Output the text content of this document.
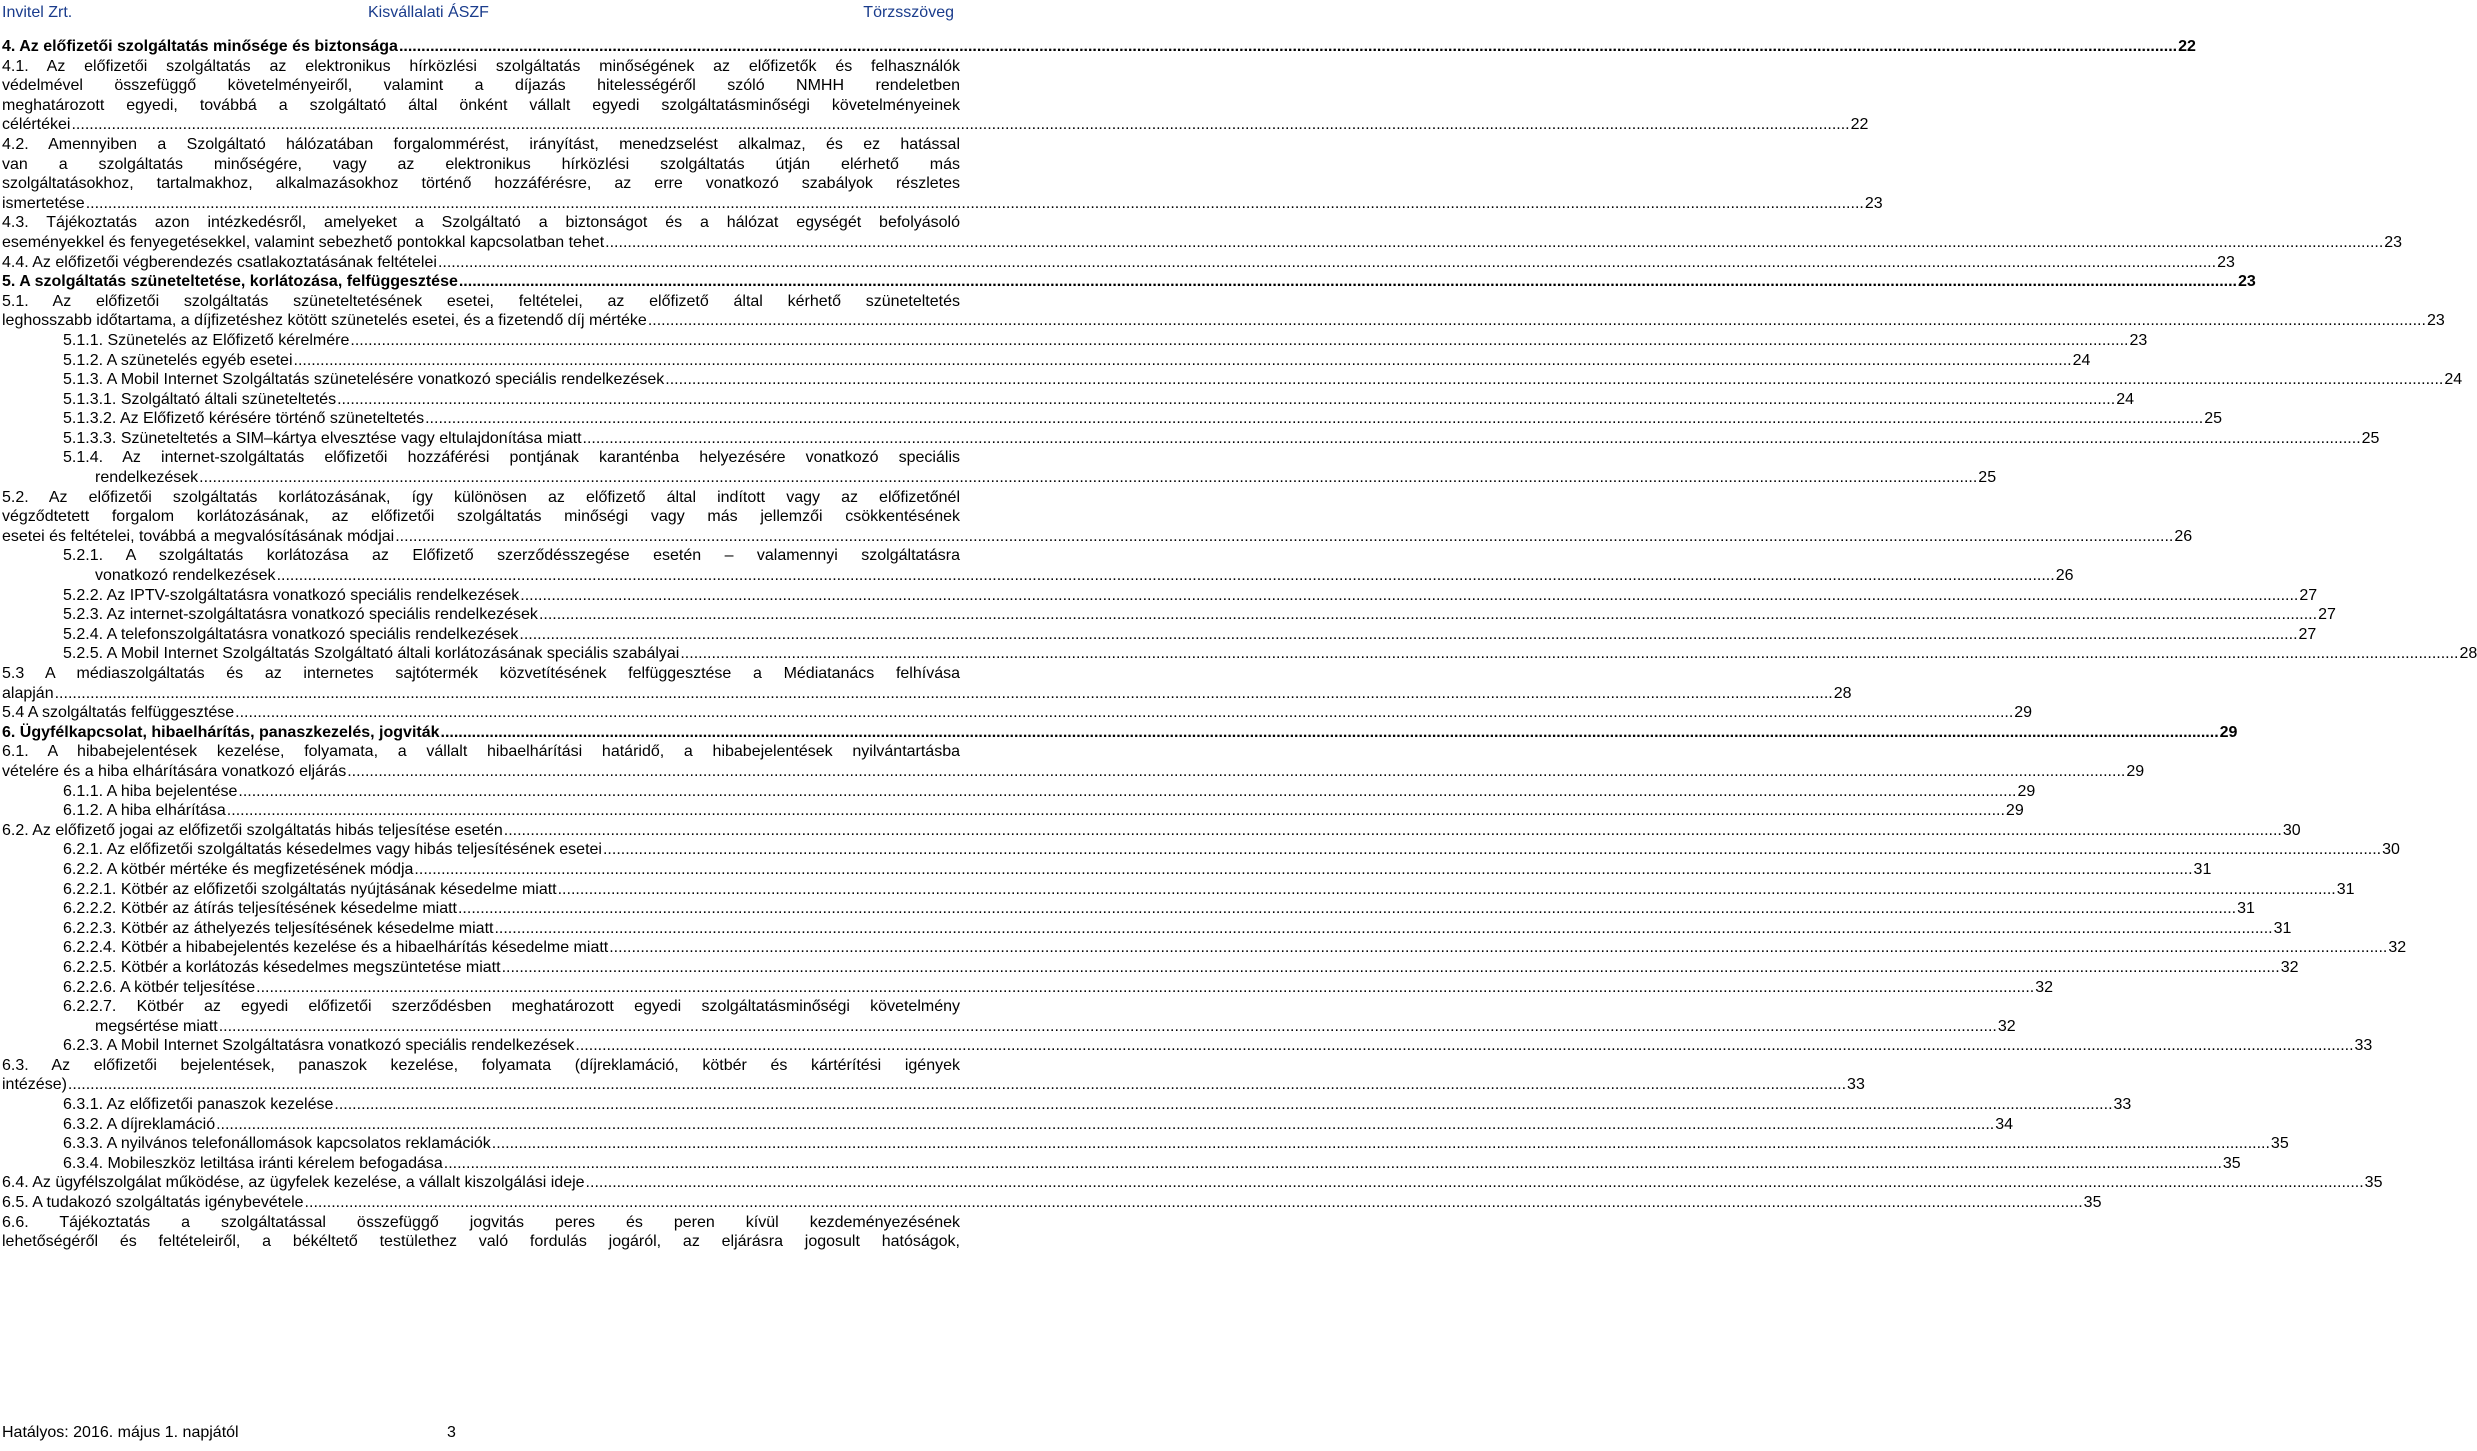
Invitel Zrt.	Kisvállalati ÁSZF	Törzsszöveg
4. Az előfizetői szolgáltatás minősége és biztonsága ................................................................................................................................................................................................................................................................................................................................................................................................................ 22
4.1. Az előfizetői szolgáltatás az elektronikus hírközlési szolgáltatás minőségének az előfizetők és felhasználók
védelmével összefüggő követelményeiről, valamint a díjazás hitelességéről szóló NMHH rendeletben
meghatározott egyedi, továbbá a szolgáltató által önként vállalt egyedi szolgáltatásminőségi követelményeinek
célértékei ................................................................................................................................................................................................................................................................................................................................................................................................................ 22
4.2. Amennyiben a Szolgáltató hálózatában forgalommérést, irányítást, menedzselést alkalmaz, és ez hatással
van a szolgáltatás minőségére, vagy az elektronikus hírközlési szolgáltatás útján elérhető más
szolgáltatásokhoz, tartalmakhoz, alkalmazásokhoz történő hozzáférésre, az erre vonatkozó szabályok részletes
ismertetése ................................................................................................................................................................................................................................................................................................................................................................................................................ 23
4.3. Tájékoztatás azon intézkedésről, amelyeket a Szolgáltató a biztonságot és a hálózat egységét befolyásoló
eseményekkel és fenyegetésekkel, valamint sebezhető pontokkal kapcsolatban tehet ................................................................................................................................................................................................................................................................................................................................................................................................................ 23
4.4. Az előfizetői végberendezés csatlakoztatásának feltételei ................................................................................................................................................................................................................................................................................................................................................................................................................ 23
5. A szolgáltatás szüneteltetése, korlátozása, felfüggesztése ................................................................................................................................................................................................................................................................................................................................................................................................................ 23
5.1. Az előfizetői szolgáltatás szüneteltetésének esetei, feltételei, az előfizető által kérhető szüneteltetés
leghosszabb időtartama, a díjfizetéshez kötött szünetelés esetei, és a fizetendő díj mértéke ................................................................................................................................................................................................................................................................................................................................................................................................................ 23
5.1.1. Szünetelés az Előfizető kérelmére ................................................................................................................................................................................................................................................................................................................................................................................................................ 23
5.1.2. A szünetelés egyéb esetei ................................................................................................................................................................................................................................................................................................................................................................................................................ 24
5.1.3. A Mobil Internet Szolgáltatás szünetelésére vonatkozó speciális rendelkezések ................................................................................................................................................................................................................................................................................................................................................................................................................ 24
5.1.3.1. Szolgáltató általi szüneteltetés ................................................................................................................................................................................................................................................................................................................................................................................................................ 24
5.1.3.2. Az Előfizető kérésére történő szüneteltetés ................................................................................................................................................................................................................................................................................................................................................................................................................ 25
5.1.3.3. Szüneteltetés a SIM–kártya elvesztése vagy eltulajdonítása miatt ................................................................................................................................................................................................................................................................................................................................................................................................................ 25
5.1.4. Az internet-szolgáltatás előfizetői hozzáférési pontjának karanténba helyezésére vonatkozó speciális
rendelkezések ................................................................................................................................................................................................................................................................................................................................................................................................................ 25
5.2. Az előfizetői szolgáltatás korlátozásának, így különösen az előfizető által indított vagy az előfizetőnél
végződtetett forgalom korlátozásának, az előfizetői szolgáltatás minőségi vagy más jellemzői csökkentésének
esetei és feltételei, továbbá a megvalósításának módjai ................................................................................................................................................................................................................................................................................................................................................................................................................ 26
5.2.1. A szolgáltatás korlátozása az Előfizető szerződésszegése esetén – valamennyi szolgáltatásra
vonatkozó rendelkezések ................................................................................................................................................................................................................................................................................................................................................................................................................ 26
5.2.2. Az IPTV-szolgáltatásra vonatkozó speciális rendelkezések ................................................................................................................................................................................................................................................................................................................................................................................................................ 27
5.2.3. Az internet-szolgáltatásra vonatkozó speciális rendelkezések ................................................................................................................................................................................................................................................................................................................................................................................................................ 27
5.2.4. A telefonszolgáltatásra vonatkozó speciális rendelkezések ................................................................................................................................................................................................................................................................................................................................................................................................................ 27
5.2.5. A Mobil Internet Szolgáltatás Szolgáltató általi korlátozásának speciális szabályai ................................................................................................................................................................................................................................................................................................................................................................................................................ 28
5.3 A médiaszolgáltatás és az internetes sajtótermék közvetítésének felfüggesztése a Médiatanács felhívása
alapján ................................................................................................................................................................................................................................................................................................................................................................................................................ 28
5.4 A szolgáltatás felfüggesztése ................................................................................................................................................................................................................................................................................................................................................................................................................ 29
6. Ügyfélkapcsolat, hibaelhárítás, panaszkezelés, jogviták ................................................................................................................................................................................................................................................................................................................................................................................................................ 29
6.1. A hibabejelentések kezelése, folyamata, a vállalt hibaelhárítási határidő, a hibabejelentések nyilvántartásba
vételére és a hiba elhárítására vonatkozó eljárás ................................................................................................................................................................................................................................................................................................................................................................................................................ 29
6.1.1. A hiba bejelentése ................................................................................................................................................................................................................................................................................................................................................................................................................ 29
6.1.2. A hiba elhárítása ................................................................................................................................................................................................................................................................................................................................................................................................................ 29
6.2. Az előfizető jogai az előfizetői szolgáltatás hibás teljesítése esetén ................................................................................................................................................................................................................................................................................................................................................................................................................ 30
6.2.1. Az előfizetői szolgáltatás késedelmes vagy hibás teljesítésének esetei ................................................................................................................................................................................................................................................................................................................................................................................................................ 30
6.2.2. A kötbér mértéke és megfizetésének módja ................................................................................................................................................................................................................................................................................................................................................................................................................ 31
6.2.2.1. Kötbér az előfizetői szolgáltatás nyújtásának késedelme miatt ................................................................................................................................................................................................................................................................................................................................................................................................................ 31
6.2.2.2. Kötbér az átírás teljesítésének késedelme miatt ................................................................................................................................................................................................................................................................................................................................................................................................................ 31
6.2.2.3. Kötbér az áthelyezés teljesítésének késedelme miatt ................................................................................................................................................................................................................................................................................................................................................................................................................ 31
6.2.2.4. Kötbér a hibabejelentés kezelése és a hibaelhárítás késedelme miatt ................................................................................................................................................................................................................................................................................................................................................................................................................ 32
6.2.2.5. Kötbér a korlátozás késedelmes megszüntetése miatt ................................................................................................................................................................................................................................................................................................................................................................................................................ 32
6.2.2.6. A kötbér teljesítése ................................................................................................................................................................................................................................................................................................................................................................................................................ 32
6.2.2.7. Kötbér az egyedi előfizetői szerződésben meghatározott egyedi szolgáltatásminőségi követelmény
megsértése miatt ................................................................................................................................................................................................................................................................................................................................................................................................................ 32
6.2.3. A Mobil Internet Szolgáltatásra vonatkozó speciális rendelkezések ................................................................................................................................................................................................................................................................................................................................................................................................................ 33
6.3. Az előfizetői bejelentések, panaszok kezelése, folyamata (díjreklamáció, kötbér és kártérítési igények
intézése) ................................................................................................................................................................................................................................................................................................................................................................................................................ 33
6.3.1. Az előfizetői panaszok kezelése ................................................................................................................................................................................................................................................................................................................................................................................................................ 33
6.3.2. A díjreklamáció ................................................................................................................................................................................................................................................................................................................................................................................................................ 34
6.3.3. A nyilvános telefonállomások kapcsolatos reklamációk ................................................................................................................................................................................................................................................................................................................................................................................................................ 35
6.3.4. Mobileszköz letiltása iránti kérelem befogadása ................................................................................................................................................................................................................................................................................................................................................................................................................ 35
6.4. Az ügyfélszolgálat működése, az ügyfelek kezelése, a vállalt kiszolgálási ideje ................................................................................................................................................................................................................................................................................................................................................................................................................ 35
6.5. A tudakozó szolgáltatás igénybevétele ................................................................................................................................................................................................................................................................................................................................................................................................................ 35
6.6. Tájékoztatás a szolgáltatással összefüggő jogvitás peres és peren kívül kezdeményezésének
lehetőségéről és feltételeiről, a békéltető testülethez való fordulás jogáról, az eljárásra jogosult hatóságok,
Hatályos: 2016. május 1. napjától	3
